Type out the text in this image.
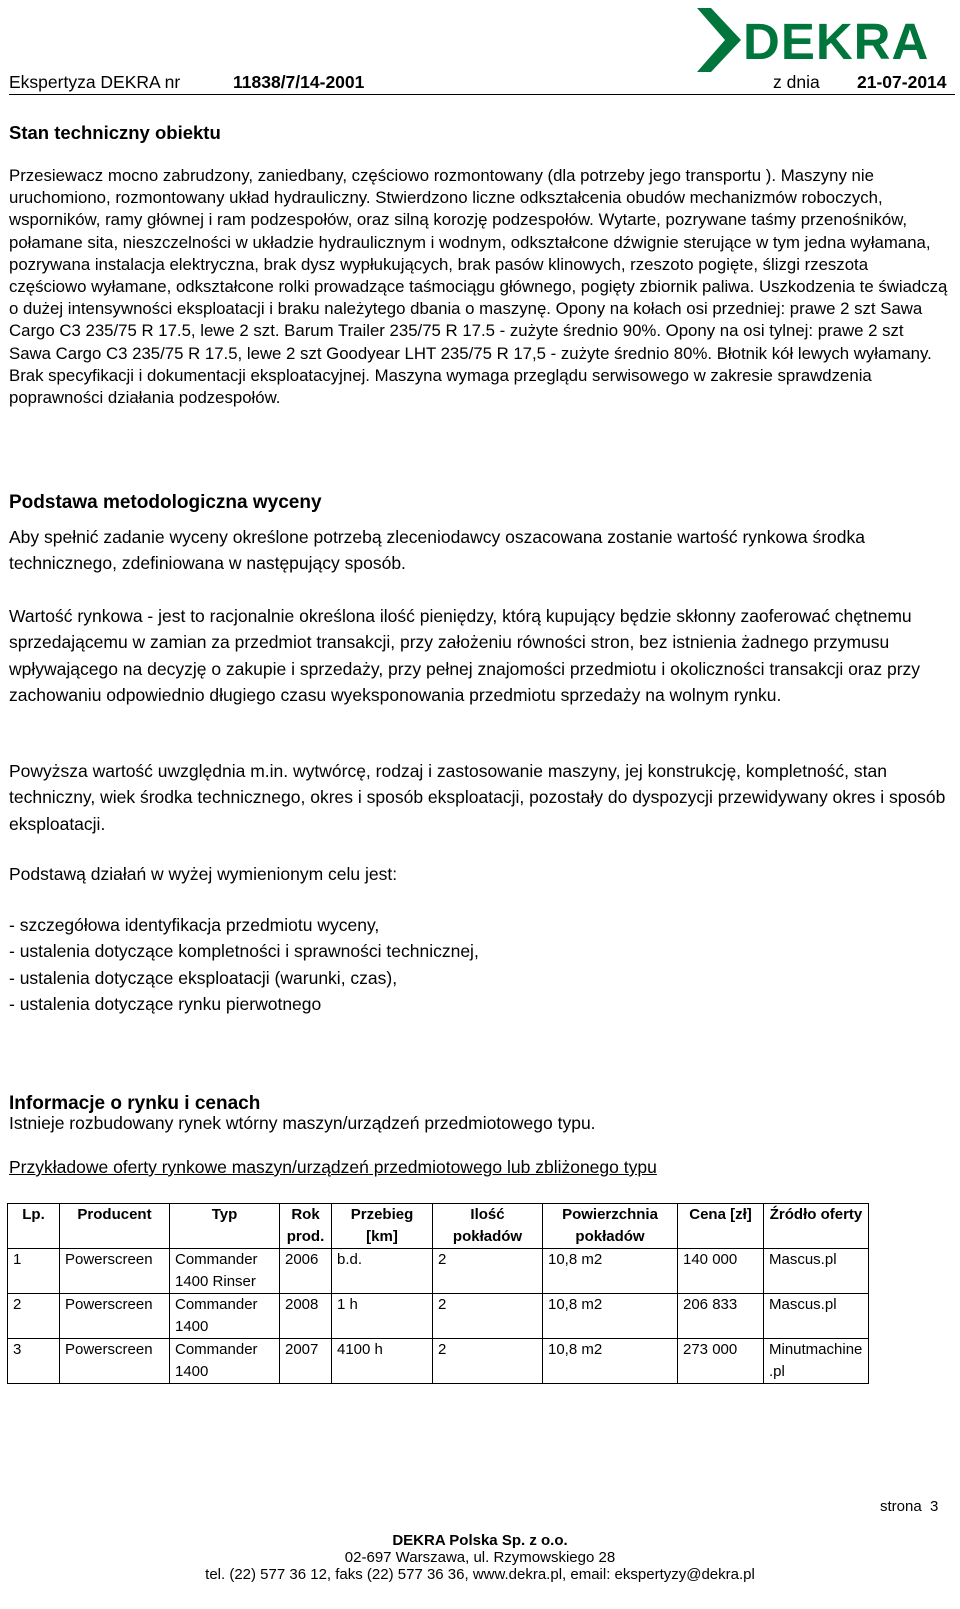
DEKRA
Ekspertyza DEKRA nr	11838/7/14-2001	z dnia 21-07-2014
Stan techniczny obiektu

Przesiewacz mocno zabrudzony, zaniedbany, częściowo rozmontowany (dla potrzeby jego transportu ). Maszyny nie uruchomiono, rozmontowany układ hydrauliczny. Stwierdzono liczne odkształcenia obudów mechanizmów roboczych, wsporników, ramy głównej i ram podzespołów, oraz silną korozję podzespołów. Wytarte, pozrywane taśmy przenośników, połamane sita, nieszczelności w układzie hydraulicznym i wodnym, odkształcone dźwignie sterujące w tym jedna wyłamana, pozrywana instalacja elektryczna, brak dysz wypłukujących, brak pasów klinowych, rzeszoto pogięte, ślizgi rzeszota częściowo wyłamane, odkształcone rolki prowadzące taśmociągu głównego, pogięty zbiornik paliwa. Uszkodzenia te świadczą o dużej intensywności eksploatacji i braku należytego dbania o maszynę. Opony na kołach osi przedniej: prawe 2 szt Sawa Cargo C3 235/75 R 17.5, lewe 2 szt. Barum Trailer 235/75 R 17.5 - zużyte średnio 90%. Opony na osi tylnej: prawe 2 szt Sawa Cargo C3 235/75 R 17.5, lewe 2 szt Goodyear LHT 235/75 R 17,5 - zużyte średnio 80%. Błotnik kół lewych wyłamany. Brak specyfikacji i dokumentacji eksploatacyjnej. Maszyna wymaga przeglądu serwisowego w zakresie sprawdzenia poprawności działania podzespołów.

Podstawa metodologiczna wyceny

Aby spełnić zadanie wyceny określone potrzebą zleceniodawcy oszacowana zostanie wartość rynkowa środka technicznego, zdefiniowana w następujący sposób.

Wartość rynkowa - jest to racjonalnie określona ilość pieniędzy, którą kupujący będzie skłonny zaoferować chętnemu sprzedającemu w zamian za przedmiot transakcji, przy założeniu równości stron, bez istnienia żadnego przymusu wpływającego na decyzję o zakupie i sprzedaży, przy pełnej znajomości przedmiotu i okoliczności transakcji oraz przy zachowaniu odpowiednio długiego czasu wyeksponowania przedmiotu sprzedaży na wolnym rynku.

Powyższa wartość uwzględnia m.in. wytwórcę, rodzaj i zastosowanie maszyny, jej konstrukcję, kompletność, stan techniczny, wiek środka technicznego, okres i sposób eksploatacji, pozostały do dyspozycji przewidywany okres i sposób eksploatacji.

Podstawą działań w wyżej wymienionym celu jest:

- szczegółowa identyfikacja przedmiotu wyceny,
- ustalenia dotyczące kompletności i sprawności technicznej,
- ustalenia dotyczące eksploatacji (warunki, czas),
- ustalenia dotyczące rynku pierwotnego
Informacje o rynku i cenach

Istnieje rozbudowany rynek wtórny maszyn/urządzeń przedmiotowego typu.

Przykładowe oferty rynkowe maszyn/urządzeń przedmiotowego lub zbliżonego typu
Lp.	Producent	Typ	Rok prod.	Przebieg [km]	Ilość pokładów	Powierzchnia pokładów	Cena [zł]	Źródło oferty
1	Powerscreen	Commander 1400 Rinser	2006	b.d.	2	10,8 m2	140 000	Mascus.pl
2	Powerscreen	Commander 1400	2008	1 h	2	10,8 m2	206 833	Mascus.pl
3	Powerscreen	Commander 1400	2007	4100 h	2	10,8 m2	273 000	Minutmachine .pl
strona 3
DEKRA Polska Sp. z o.o.
02-697 Warszawa, ul. Rzymowskiego 28
tel. (22) 577 36 12, faks (22) 577 36 36, www.dekra.pl, email: ekspertyzy@dekra.pl
